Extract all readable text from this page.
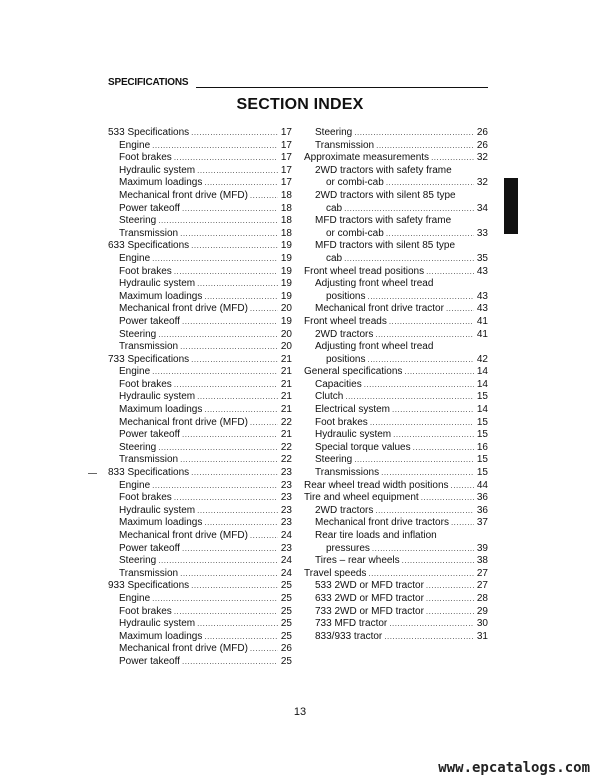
SPECIFICATIONS
SECTION INDEX
533 Specifications .....	17
Engine .....	17
Foot brakes .....	17
Hydraulic system .....	17
Maximum loadings .....	17
Mechanical front drive (MFD) .....	18
Power takeoff .....	18
Steering .....	18
Transmission .....	18
633 Specifications .....	19
Engine .....	19
Foot brakes .....	19
Hydraulic system .....	19
Maximum loadings .....	19
Mechanical front drive (MFD) .....	20
Power takeoff .....	19
Steering .....	20
Transmission .....	20
733 Specifications .....	21
Engine .....	21
Foot brakes .....	21
Hydraulic system .....	21
Maximum loadings .....	21
Mechanical front drive (MFD) .....	22
Power takeoff .....	21
Steering .....	22
Transmission .....	22
833 Specifications .....	23
Engine .....	23
Foot brakes .....	23
Hydraulic system .....	23
Maximum loadings .....	23
Mechanical front drive (MFD) .....	24
Power takeoff .....	23
Steering .....	24
Transmission .....	24
933 Specifications .....	25
Engine .....	25
Foot brakes .....	25
Hydraulic system .....	25
Maximum loadings .....	25
Mechanical front drive (MFD) .....	26
Power takeoff .....	25
Steering .....	26
Transmission .....	26
Approximate measurements .....	32
2WD tractors with safety frame
or combi-cab .....	32
2WD tractors with silent 85 type
cab .....	34
MFD tractors with safety frame
or combi-cab .....	33
MFD tractors with silent 85 type
cab .....	35
Front wheel tread positions .....	43
Adjusting front wheel tread
positions .....	43
Mechanical front drive tractor .....	43
Front wheel treads .....	41
2WD tractors .....	41
Adjusting front wheel tread
positions .....	42
General specifications .....	14
Capacities .....	14
Clutch .....	15
Electrical system .....	14
Foot brakes .....	15
Hydraulic system .....	15
Special torque values .....	16
Steering .....	15
Transmissions .....	15
Rear wheel tread width positions .....	44
Tire and wheel equipment .....	36
2WD tractors .....	36
Mechanical front drive tractors .....	37
Rear tire loads and inflation
pressures .....	39
Tires – rear wheels .....	38
Travel speeds .....	27
533 2WD or MFD tractor .....	27
633 2WD or MFD tractor .....	28
733 2WD or MFD tractor .....	29
733 MFD tractor .....	30
833/933 tractor .....	31
13
www.epcatalogs.com
